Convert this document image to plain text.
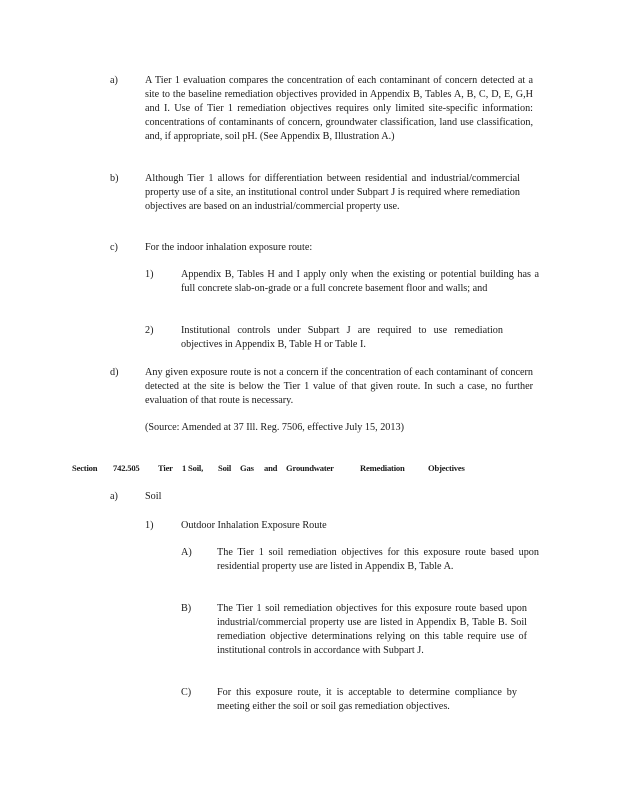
a)	A Tier 1 evaluation compares the concentration of each contaminant of concern detected at a site to the baseline remediation objectives provided in Appendix B, Tables A, B, C, D, E, G,H and I. Use of Tier 1 remediation objectives requires only limited site-specific information: concentrations of contaminants of concern, groundwater classification, land use classification, and, if appropriate, soil pH. (See Appendix B, Illustration A.)
b)	Although Tier 1 allows for differentiation between residential and industrial/commercial property use of a site, an institutional control under Subpart J is required where remediation objectives are based on an industrial/commercial property use.
c)	For the indoor inhalation exposure route:
1)	Appendix B, Tables H and I apply only when the existing or potential building has a full concrete slab-on-grade or a full concrete basement floor and walls; and
2)	Institutional controls under Subpart J are required to use remediation objectives in Appendix B, Table H or Table I.
d)	Any given exposure route is not a concern if the concentration of each contaminant of concern detected at the site is below the Tier 1 value of that given route. In such a case, no further evaluation of that route is necessary.
(Source: Amended at 37 Ill. Reg. 7506, effective July 15, 2013)
Section 742.505 Tier 1 Soil, Soil Gas and Groundwater	Remediation	Objectives
a)	Soil
1)	Outdoor Inhalation Exposure Route
A) The Tier 1 soil remediation objectives for this exposure route based upon residential property use are listed in Appendix B, Table A.
B)	The Tier 1 soil remediation objectives for this exposure route based upon industrial/commercial property use are listed in Appendix B, Table B. Soil remediation objective determinations relying on this table require use of institutional controls in accordance with Subpart J.
C)	For this exposure route, it is acceptable to determine compliance by meeting either the soil or soil gas remediation objectives.
